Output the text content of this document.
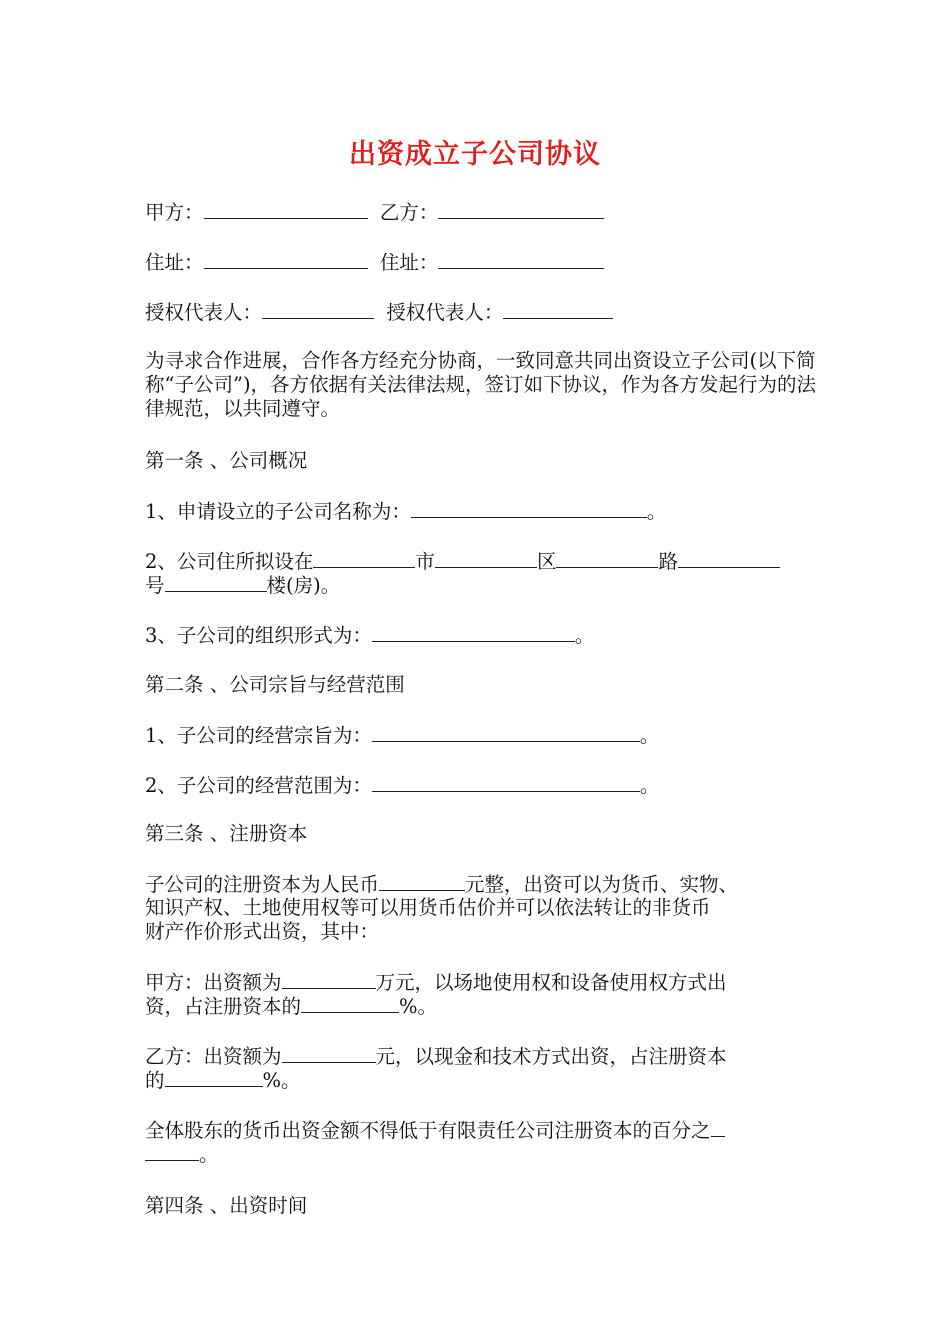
出资成立子公司协议
甲方：	乙方：
住址：	住址：
授权代表人：	授权代表人：
为寻求合作进展，合作各方经充分协商，一致同意共同出资设立子公司(以下简称“子公司”)，各方依据有关法律法规，签订如下协议，作为各方发起行为的法律规范，以共同遵守。
第一条 、公司概况
1、申请设立的子公司名称为：	。
2、公司住所拟设在	市	区	路
号	楼(房)。
3、子公司的组织形式为：	。
第二条 、公司宗旨与经营范围
1、子公司的经营宗旨为：	。
2、子公司的经营范围为：	。
第三条 、注册资本
子公司的注册资本为人民币	元整，出资可以为货币、实物、
知识产权、土地使用权等可以用货币估价并可以依法转让的非货币
财产作价形式出资，其中：
甲方：出资额为	万元，以场地使用权和设备使用权方式出
资，占注册资本的	%。
乙方：出资额为	元，以现金和技术方式出资，占注册资本
的	%。
全体股东的货币出资金额不得低于有限责任公司注册资本的百分之
。
第四条 、出资时间
